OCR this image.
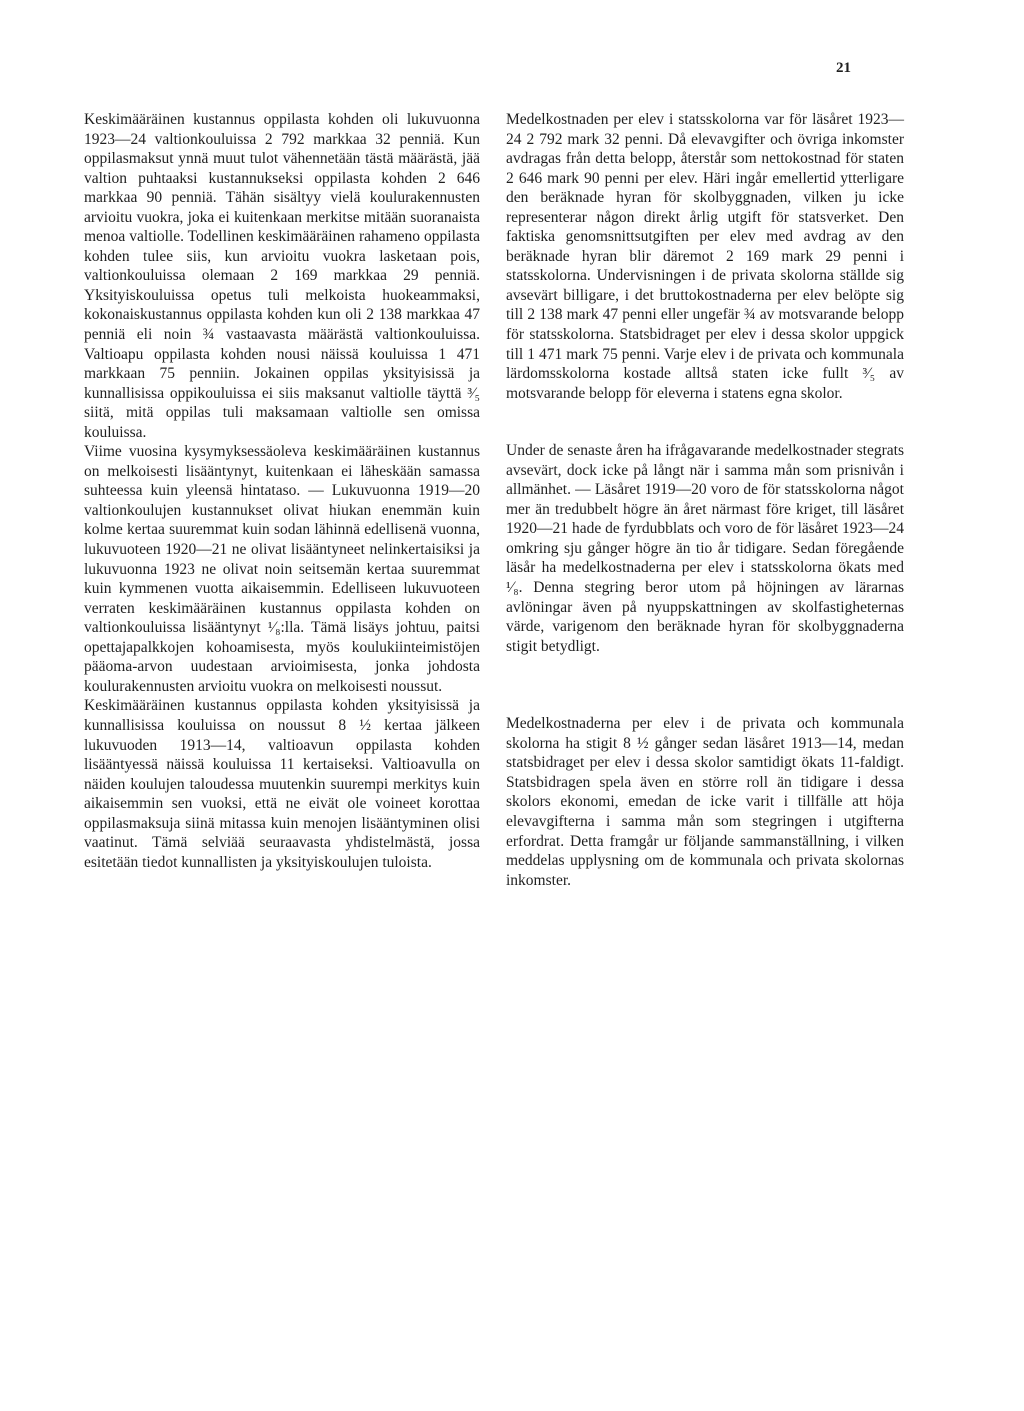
21

Keskimääräinen kustannus oppilasta kohden oli lukuvuonna 1923—24 valtionkouluissa 2 792 markkaa 32 penniä. Kun oppilasmaksut ynnä muut tulot vähennetään tästä määrästä, jää valtion puhtaaksi kustannukseksi oppilasta kohden 2 646 markkaa 90 penniä. Tähän sisältyy vielä koulurakennusten arvioitu vuokra, joka ei kuitenkaan merkitse mitään suoranaista menoa valtiolle. Todellinen keskimääräinen rahameno oppilasta kohden tulee siis, kun arvioitu vuokra lasketaan pois, valtionkouluissa olemaan 2 169 markkaa 29 penniä. Yksityiskouluissa opetus tuli melkoista huokeammaksi, kokonaiskustannus oppilasta kohden kun oli 2 138 markkaa 47 penniä eli noin ¾ vastaavasta määrästä valtionkouluissa. Valtioapu oppilasta kohden nousi näissä kouluissa 1 471 markkaan 75 penniin. Jokainen oppilas yksityisissä ja kunnallisissa oppikouluissa ei siis maksanut valtiolle täyttä ³⁄₅ siitä, mitä oppilas tuli maksamaan valtiolle sen omissa kouluissa.

Viime vuosina kysymyksessäoleva keskimääräinen kustannus on melkoisesti lisääntynyt, kuitenkaan ei läheskään samassa suhteessa kuin yleensä hintataso. — Lukuvuonna 1919—20 valtionkoulujen kustannukset olivat hiukan enemmän kuin kolme kertaa suuremmat kuin sodan lähinnä edellisenä vuonna, lukuvuoteen 1920—21 ne olivat lisääntyneet nelinkertaisiksi ja lukuvuonna 1923 ne olivat noin seitsemän kertaa suuremmat kuin kymmenen vuotta aikaisemmin. Edelliseen lukuvuoteen verraten keskimääräinen kustannus oppilasta kohden on valtionkouluissa lisääntynyt ¹⁄₈:lla. Tämä lisäys johtuu, paitsi opettajapalkkojen kohoamisesta, myös koulukiinteimistöjen pääoma-arvon uudestaan arvioimisesta, jonka johdosta koulurakennusten arvioitu vuokra on melkoisesti noussut.

Keskimääräinen kustannus oppilasta kohden yksityisissä ja kunnallisissa kouluissa on noussut 8 ½ kertaa jälkeen lukuvuoden 1913—14, valtioavun oppilasta kohden lisääntyessä näissä kouluissa 11 kertaiseksi. Valtioavulla on näiden koulujen taloudessa muutenkin suurempi merkitys kuin aikaisemmin sen vuoksi, että ne eivät ole voineet korottaa oppilasmaksuja siinä mitassa kuin menojen lisääntyminen olisi vaatinut. Tämä selviää seuraavasta yhdistelmästä, jossa esitetään tiedot kunnallisten ja yksityiskoulujen tuloista.

Medelkostnaden per elev i statsskolorna var för läsåret 1923—24 2 792 mark 32 penni. Då elevavgifter och övriga inkomster avdragas från detta belopp, återstår som nettokostnad för staten 2 646 mark 90 penni per elev. Häri ingår emellertid ytterligare den beräknade hyran för skolbyggnaden, vilken ju icke representerar någon direkt årlig utgift för statsverket. Den faktiska genomsnittsutgiften per elev med avdrag av den beräknade hyran blir däremot 2 169 mark 29 penni i statsskolorna. Undervisningen i de privata skolorna ställde sig avsevärt billigare, i det bruttokostnaderna per elev belöpte sig till 2 138 mark 47 penni eller ungefär ¾ av motsvarande belopp för statsskolorna. Statsbidraget per elev i dessa skolor uppgick till 1 471 mark 75 penni. Varje elev i de privata och kommunala lärdomsskolorna kostade alltså staten icke fullt ³⁄₅ av motsvarande belopp för eleverna i statens egna skolor.

Under de senaste åren ha ifrågavarande medelkostnader stegrats avsevärt, dock icke på långt när i samma mån som prisnivån i allmänhet. — Läsåret 1919—20 voro de för statsskolorna något mer än tredubbelt högre än året närmast före kriget, till läsåret 1920—21 hade de fyrdubblats och voro de för läsåret 1923—24 omkring sju gånger högre än tio år tidigare. Sedan föregående läsår ha medelkostnaderna per elev i statsskolorna ökats med ¹⁄₈. Denna stegring beror utom på höjningen av lärarnas avlöningar även på nyuppskattningen av skolfastigheternas värde, varigenom den beräknade hyran för skolbyggnaderna stigit betydligt.

Medelkostnaderna per elev i de privata och kommunala skolorna ha stigit 8 ½ gånger sedan läsåret 1913—14, medan statsbidraget per elev i dessa skolor samtidigt ökats 11-faldigt. Statsbidragen spela även en större roll än tidigare i dessa skolors ekonomi, emedan de icke varit i tillfälle att höja elevavgifterna i samma mån som stegringen i utgifterna erfordrat. Detta framgår ur följande sammanställning, i vilken meddelas upplysning om de kommunala och privata skolornas inkomster.
